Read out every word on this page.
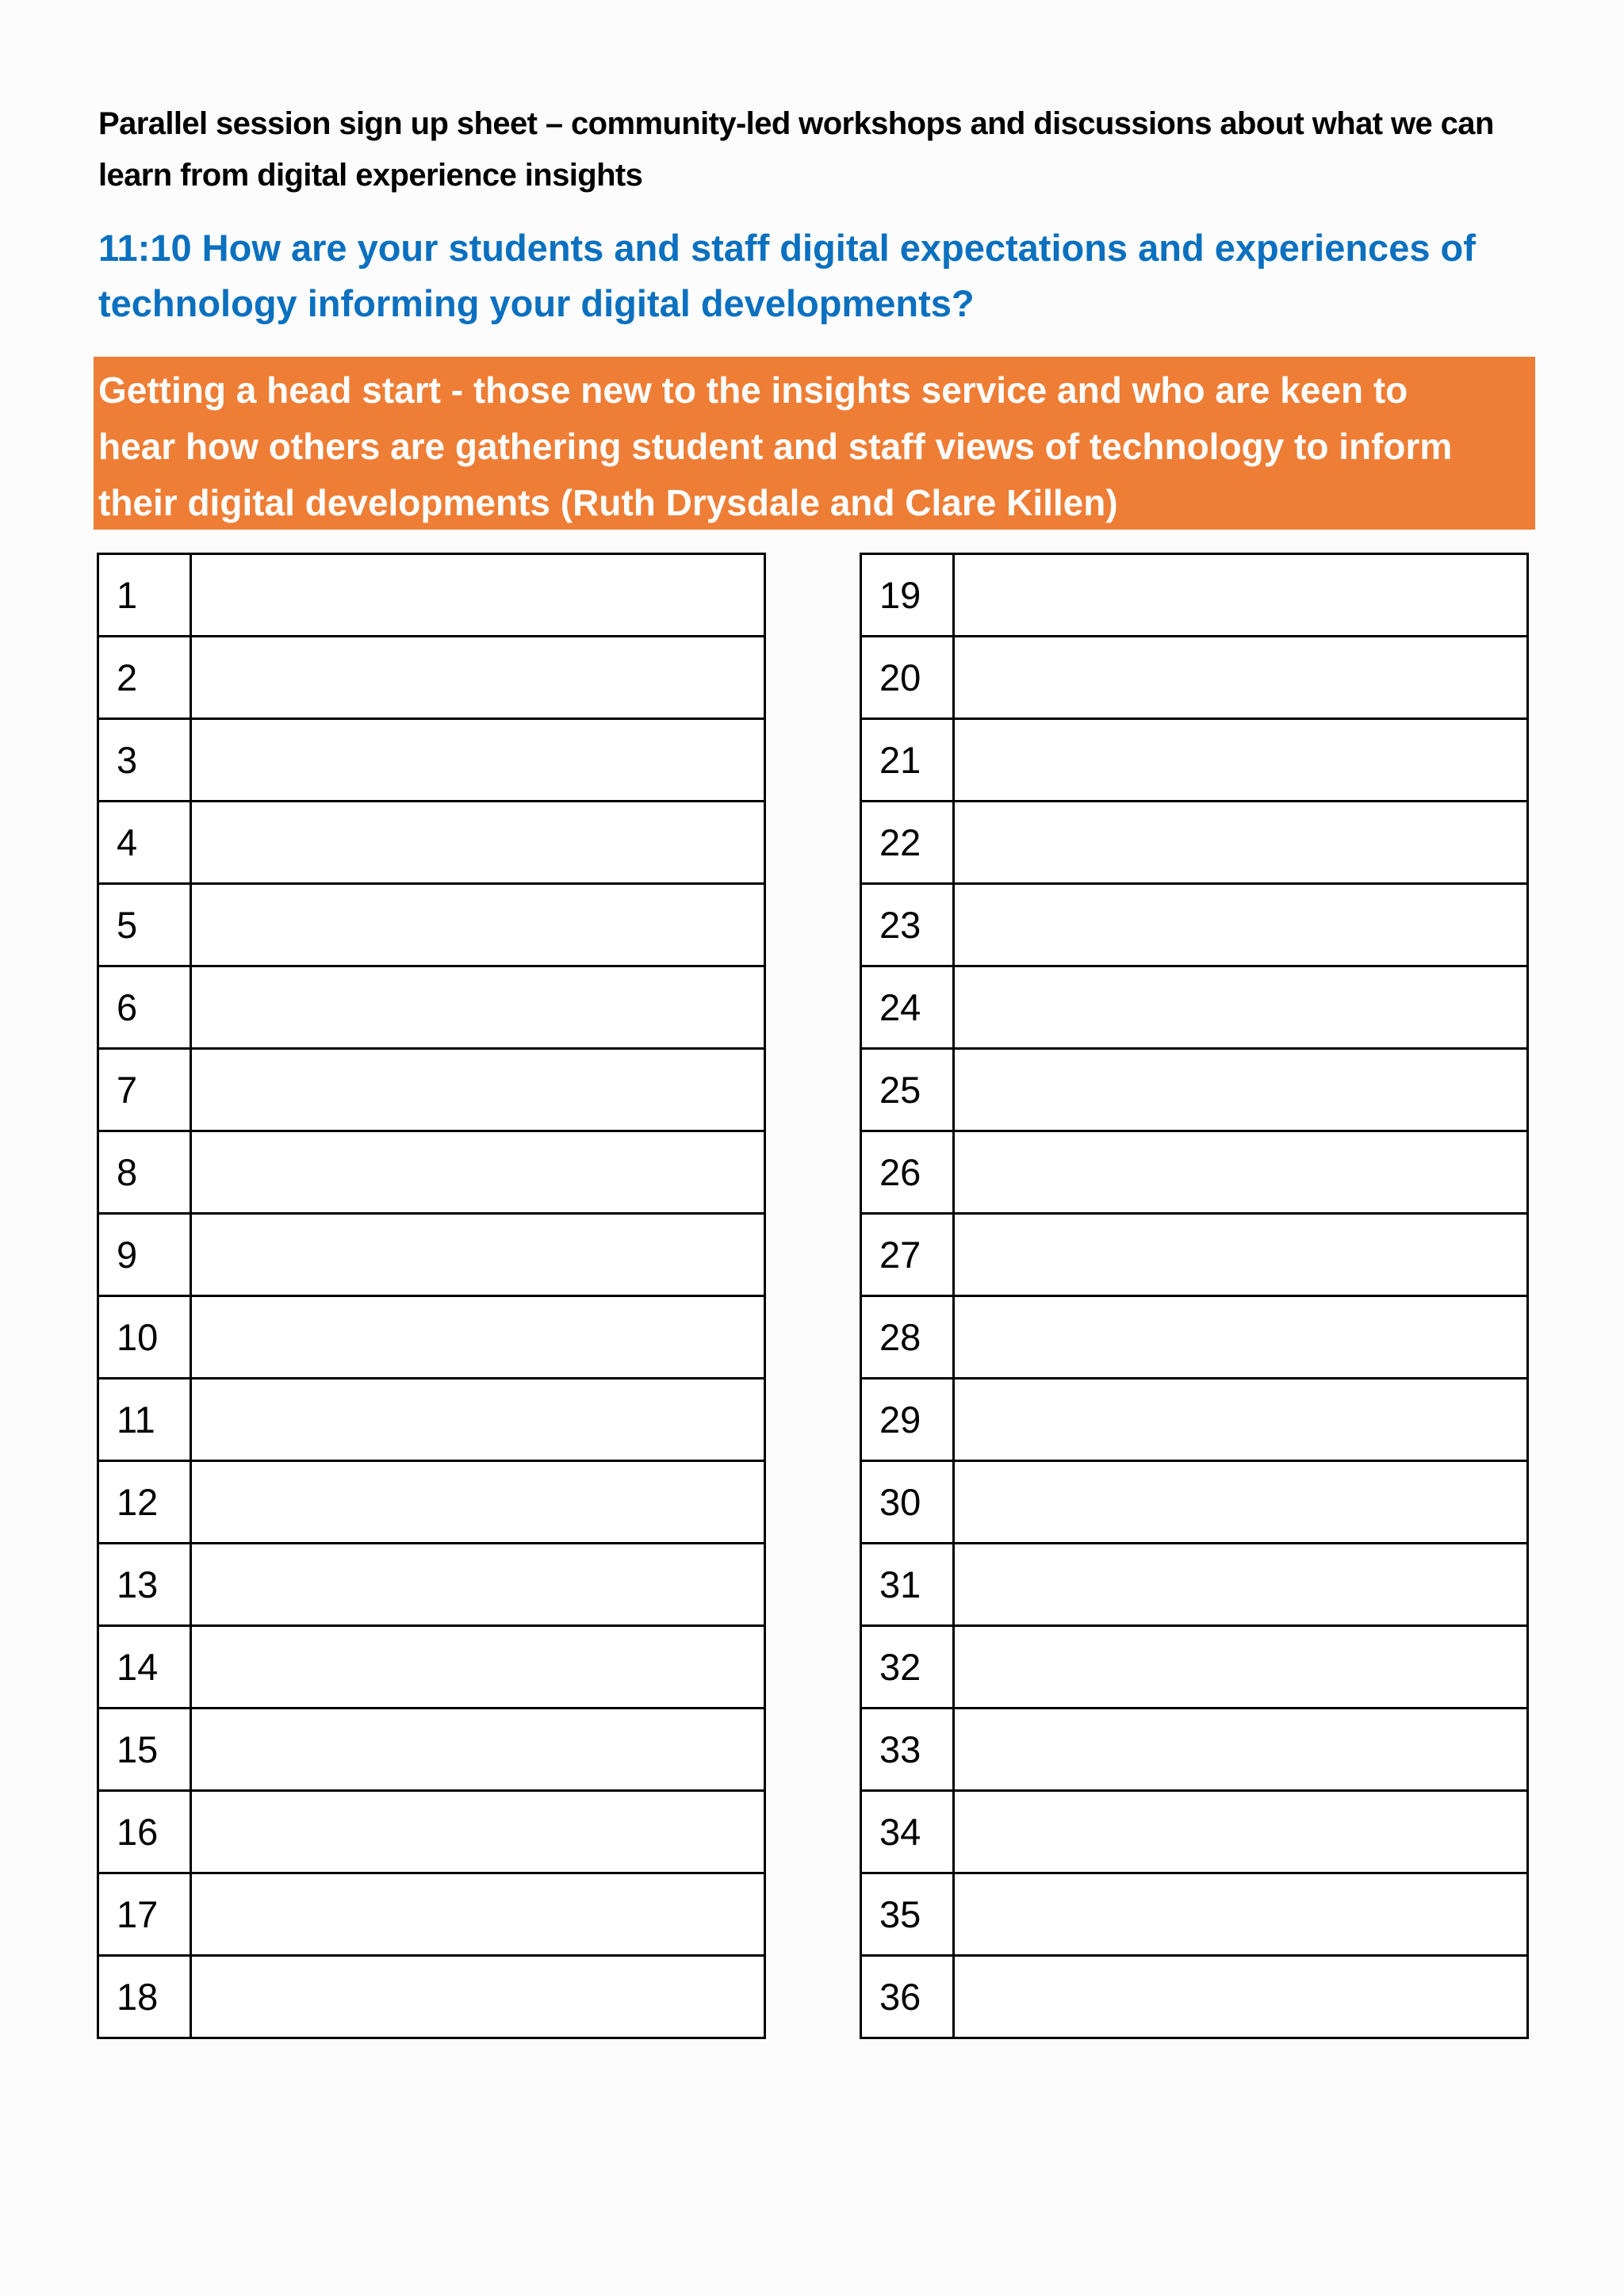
Parallel session sign up sheet – community-led workshops and discussions about what we can learn from digital experience insights
11:10 How are your students and staff digital expectations and experiences of technology informing your digital developments?
Getting a head start - those new to the insights service and who are keen to
hear how others are gathering student and staff views of technology to inform
their digital developments (Ruth Drysdale and Clare Killen)
1	
2	
3	
4	
5	
6	
7	
8	
9	
10	
11	
12	
13	
14	
15	
16	
17	
18	
19	
20	
21	
22	
23	
24	
25	
26	
27	
28	
29	
30	
31	
32	
33	
34	
35	
36	
